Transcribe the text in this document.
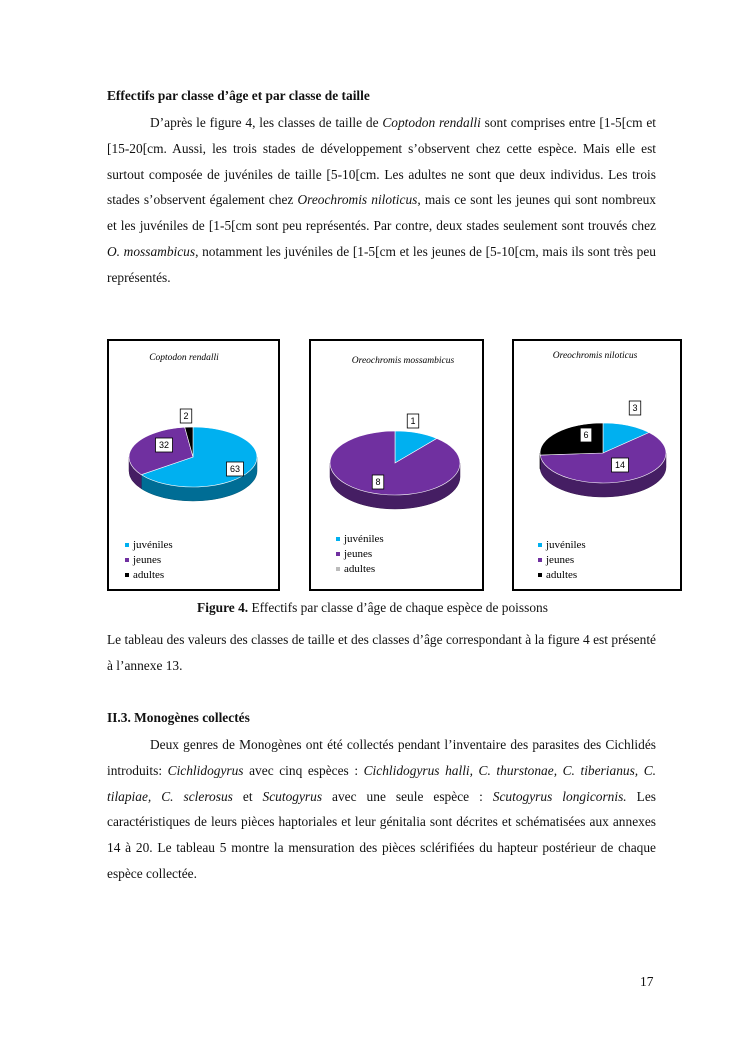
Effectifs par classe d’âge et par classe de taille

D’après le figure 4, les classes de taille de Coptodon rendalli sont comprises entre [1-5[cm et [15-20[cm. Aussi, les trois stades de développement s’observent chez cette espèce. Mais elle est surtout composée de juvéniles de taille [5-10[cm. Les adultes ne sont que deux individus. Les trois stades s’observent également chez Oreochromis niloticus, mais ce sont les jeunes qui sont nombreux et les juvéniles de [1-5[cm sont peu représentés. Par contre, deux stades seulement sont trouvés chez O. mossambicus, notamment les juvéniles de [1-5[cm et les jeunes de [5-10[cm, mais ils sont très peu représentés.

Coptodon rendalli
63
32
2
juvéniles
jeunes
adultes
Oreochromis mossambicus
1
8
juvéniles
jeunes
adultes
Oreochromis niloticus
3
14
6
juvéniles
jeunes
adultes

Figure 4. Effectifs par classe d’âge de chaque espèce de poissons

Le tableau des valeurs des classes de taille et des classes d’âge correspondant à la figure 4 est présenté à l’annexe 13.

II.3. Monogènes collectés

Deux genres de Monogènes ont été collectés pendant l’inventaire des parasites des Cichlidés introduits: Cichlidogyrus avec cinq espèces : Cichlidogyrus halli, C. thurstonae, C. tiberianus, C. tilapiae, C. sclerosus et Scutogyrus avec une seule espèce : Scutogyrus longicornis. Les caractéristiques de leurs pièces haptoriales et leur génitalia sont décrites et schématisées aux annexes 14 à 20. Le tableau 5 montre la mensuration des pièces sclérifiées du hapteur postérieur de chaque espèce collectée.

17
